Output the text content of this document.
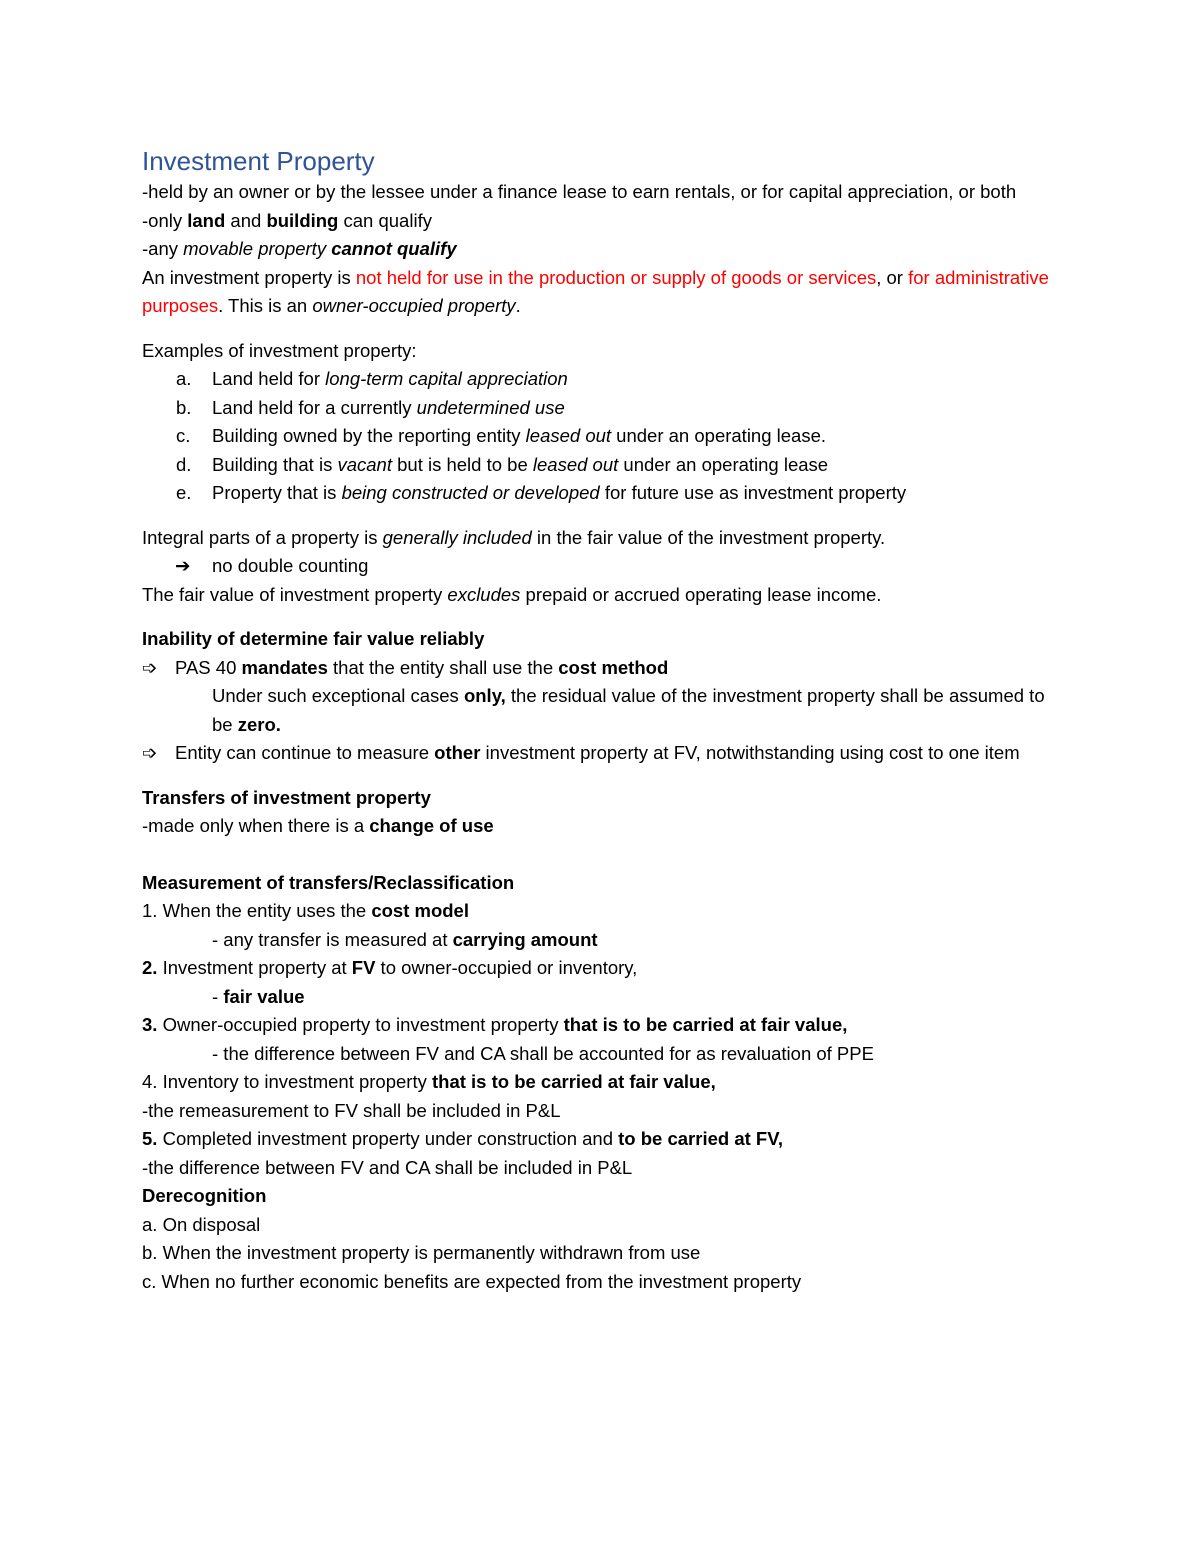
Investment Property
-held by an owner or by the lessee under a finance lease to earn rentals, or for capital appreciation, or both
-only land and building can qualify
-any movable property cannot qualify
An investment property is not held for use in the production or supply of goods or services, or for administrative purposes. This is an owner-occupied property.
Examples of investment property:
a.	Land held for long-term capital appreciation
b.	Land held for a currently undetermined use
c.	Building owned by the reporting entity leased out under an operating lease.
d.	Building that is vacant but is held to be leased out under an operating lease
e.	Property that is being constructed or developed for future use as investment property
Integral parts of a property is generally included in the fair value of the investment property.
➔	no double counting
The fair value of investment property excludes prepaid or accrued operating lease income.
Inability of determine fair value reliably
➩ PAS 40 mandates that the entity shall use the cost method
Under such exceptional cases only, the residual value of the investment property shall be assumed to be zero.
➩ Entity can continue to measure other investment property at FV, notwithstanding using cost to one item
Transfers of investment property
-made only when there is a change of use
Measurement of transfers/Reclassification
1. When the entity uses the cost model
- any transfer is measured at carrying amount
2. Investment property at FV to owner-occupied or inventory,
- fair value
3. Owner-occupied property to investment property that is to be carried at fair value,
- the difference between FV and CA shall be accounted for as revaluation of PPE
4. Inventory to investment property that is to be carried at fair value,
-the remeasurement to FV shall be included in P&L
5. Completed investment property under construction and to be carried at FV,
-the difference between FV and CA shall be included in P&L
Derecognition
a. On disposal
b. When the investment property is permanently withdrawn from use
c. When no further economic benefits are expected from the investment property
